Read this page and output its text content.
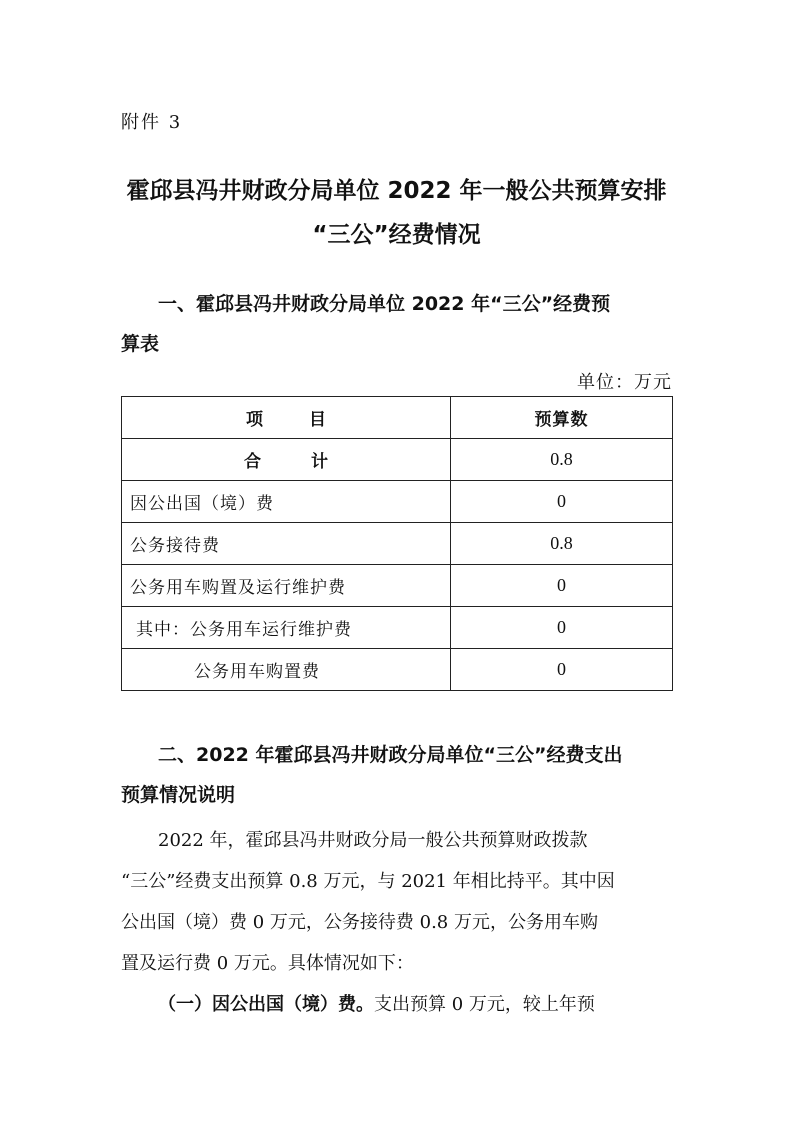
附件 3
霍邱县冯井财政分局单位 2022 年一般公共预算安排
“三公”经费情况
一、霍邱县冯井财政分局单位 2022 年“三公”经费预
算表
单位：万元
项 目	预算数
合 计	0.8
因公出国（境）费	0
公务接待费	0.8
公务用车购置及运行维护费	0
其中：公务用车运行维护费	0
公务用车购置费	0
二、2022 年霍邱县冯井财政分局单位“三公”经费支出
预算情况说明
2022 年，霍邱县冯井财政分局一般公共预算财政拨款
“三公”经费支出预算 0.8 万元，与 2021 年相比持平。其中因
公出国（境）费 0 万元，公务接待费 0.8 万元，公务用车购
置及运行费 0 万元。具体情况如下：
（一）因公出国（境）费。支出预算 0 万元，较上年预
